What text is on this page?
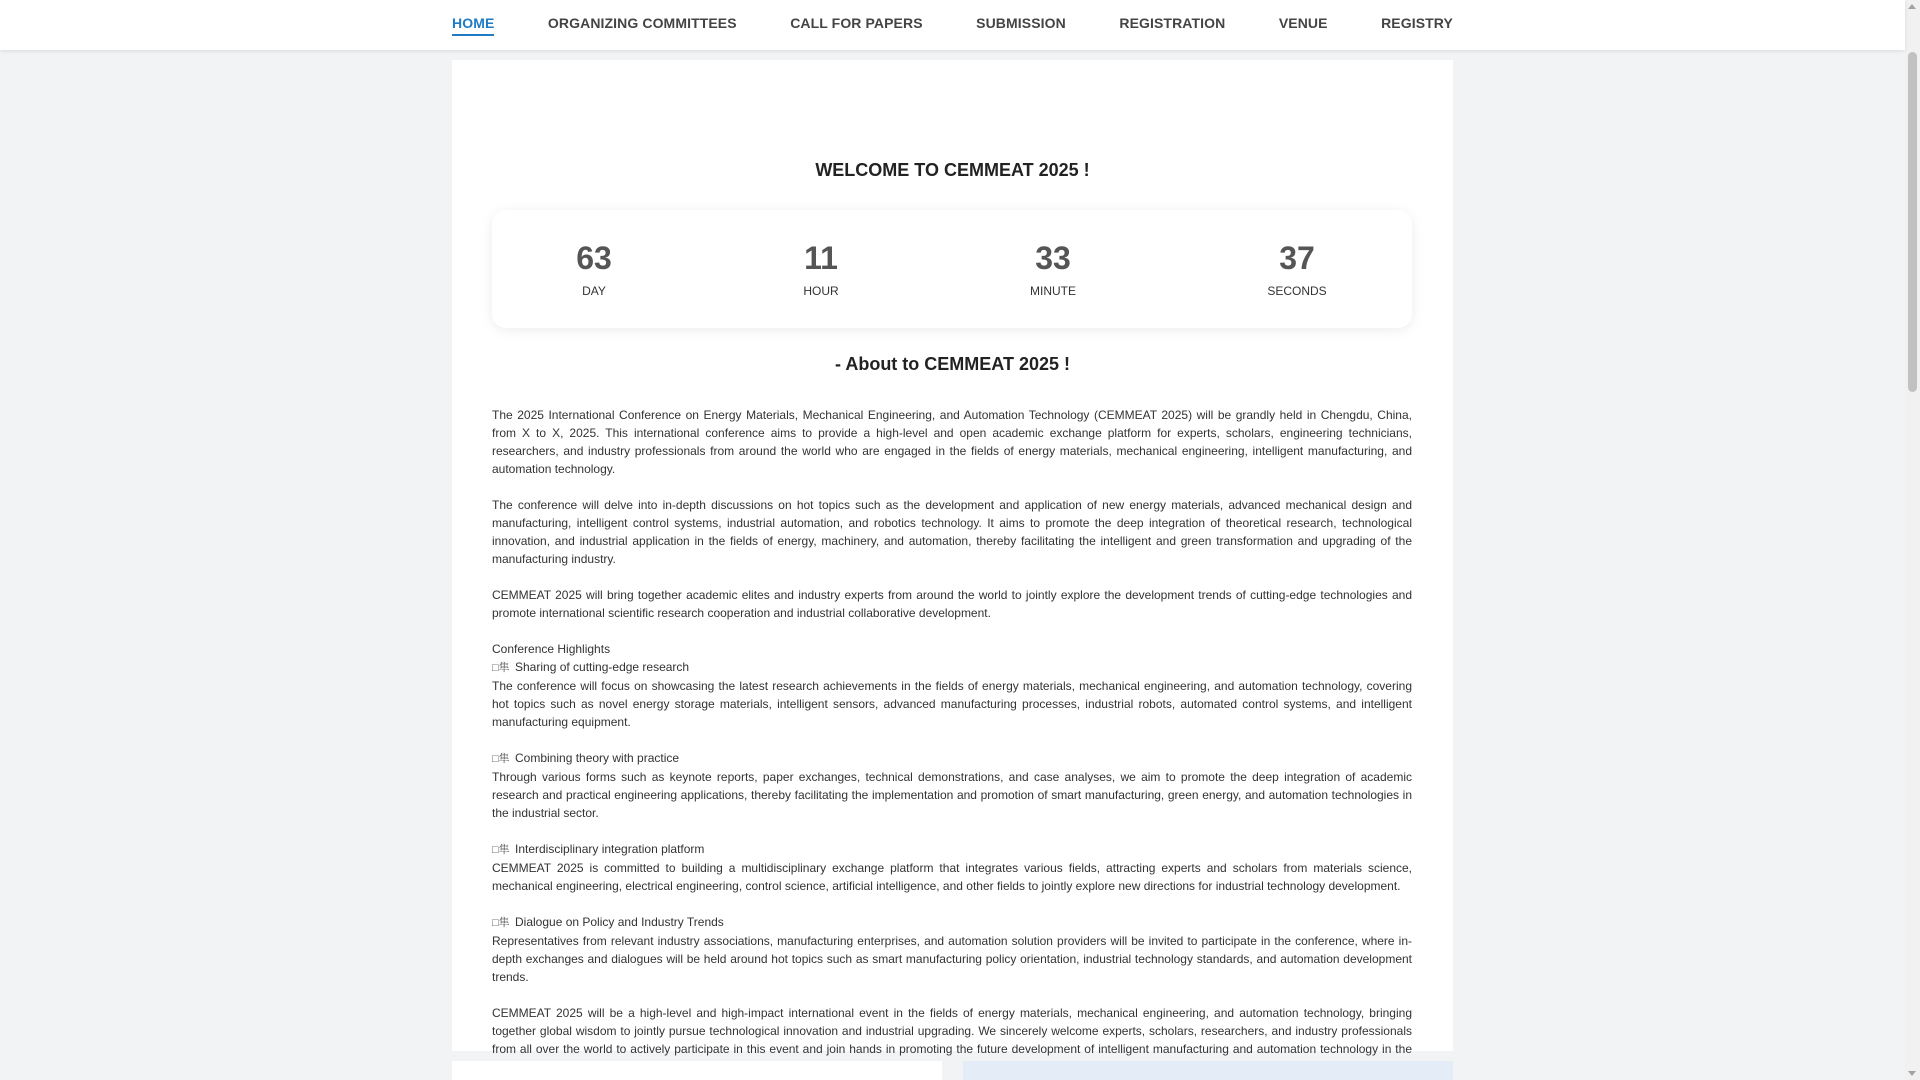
HOME	ORGANIZING COMMITTEES	CALL FOR PAPERS	SUBMISSION	REGISTRATION	VENUE	REGISTRY
WELCOME TO CEMMEAT 2025 !
63
DAY
11
HOUR
33
MINUTE
37
SECONDS
- About to CEMMEAT 2025 !

The 2025 International Conference on Energy Materials, Mechanical Engineering, and Automation Technology (CEMMEAT 2025) will be grandly held in Chengdu, China, from X to X, 2025. This international conference aims to provide a high-level and open academic exchange platform for experts, scholars, engineering technicians, researchers, and industry professionals from around the world who are engaged in the fields of energy materials, mechanical engineering, intelligent manufacturing, and automation technology.

The conference will delve into in-depth discussions on hot topics such as the development and application of new energy materials, advanced mechanical design and manufacturing, intelligent control systems, industrial automation, and robotics technology. It aims to promote the deep integration of theoretical research, technological innovation, and industrial application in the fields of energy, machinery, and automation, thereby facilitating the intelligent and green transformation and upgrading of the manufacturing industry.

CEMMEAT 2025 will bring together academic elites and industry experts from around the world to jointly explore the development trends of cutting-edge technologies and promote international scientific research cooperation and industrial collaborative development.

Conference Highlights

□隼 Sharing of cutting-edge research

The conference will focus on showcasing the latest research achievements in the fields of energy materials, mechanical engineering, and automation technology, covering hot topics such as novel energy storage materials, intelligent sensors, advanced manufacturing processes, industrial robots, automated control systems, and intelligent manufacturing equipment.

□隼 Combining theory with practice

Through various forms such as keynote reports, paper exchanges, technical demonstrations, and case analyses, we aim to promote the deep integration of academic research and practical engineering applications, thereby facilitating the implementation and promotion of smart manufacturing, green energy, and automation technologies in the industrial sector.

□隼 Interdisciplinary integration platform

CEMMEAT 2025 is committed to building a multidisciplinary exchange platform that integrates various fields, attracting experts and scholars from materials science, mechanical engineering, electrical engineering, control science, artificial intelligence, and other fields to jointly explore new directions for industrial technology development.

□隼 Dialogue on Policy and Industry Trends

Representatives from relevant industry associations, manufacturing enterprises, and automation solution providers will be invited to participate in the conference, where in-depth exchanges and dialogues will be held around hot topics such as smart manufacturing policy orientation, industrial technology standards, and automation development trends.

CEMMEAT 2025 will be a high-level and high-impact international event in the fields of energy materials, mechanical engineering, and automation technology, bringing together global wisdom to jointly pursue technological innovation and industrial upgrading. We sincerely welcome experts, scholars, researchers, and industry professionals from all over the world to actively participate in this event and join hands in promoting the future development of intelligent manufacturing and automation technology in the
